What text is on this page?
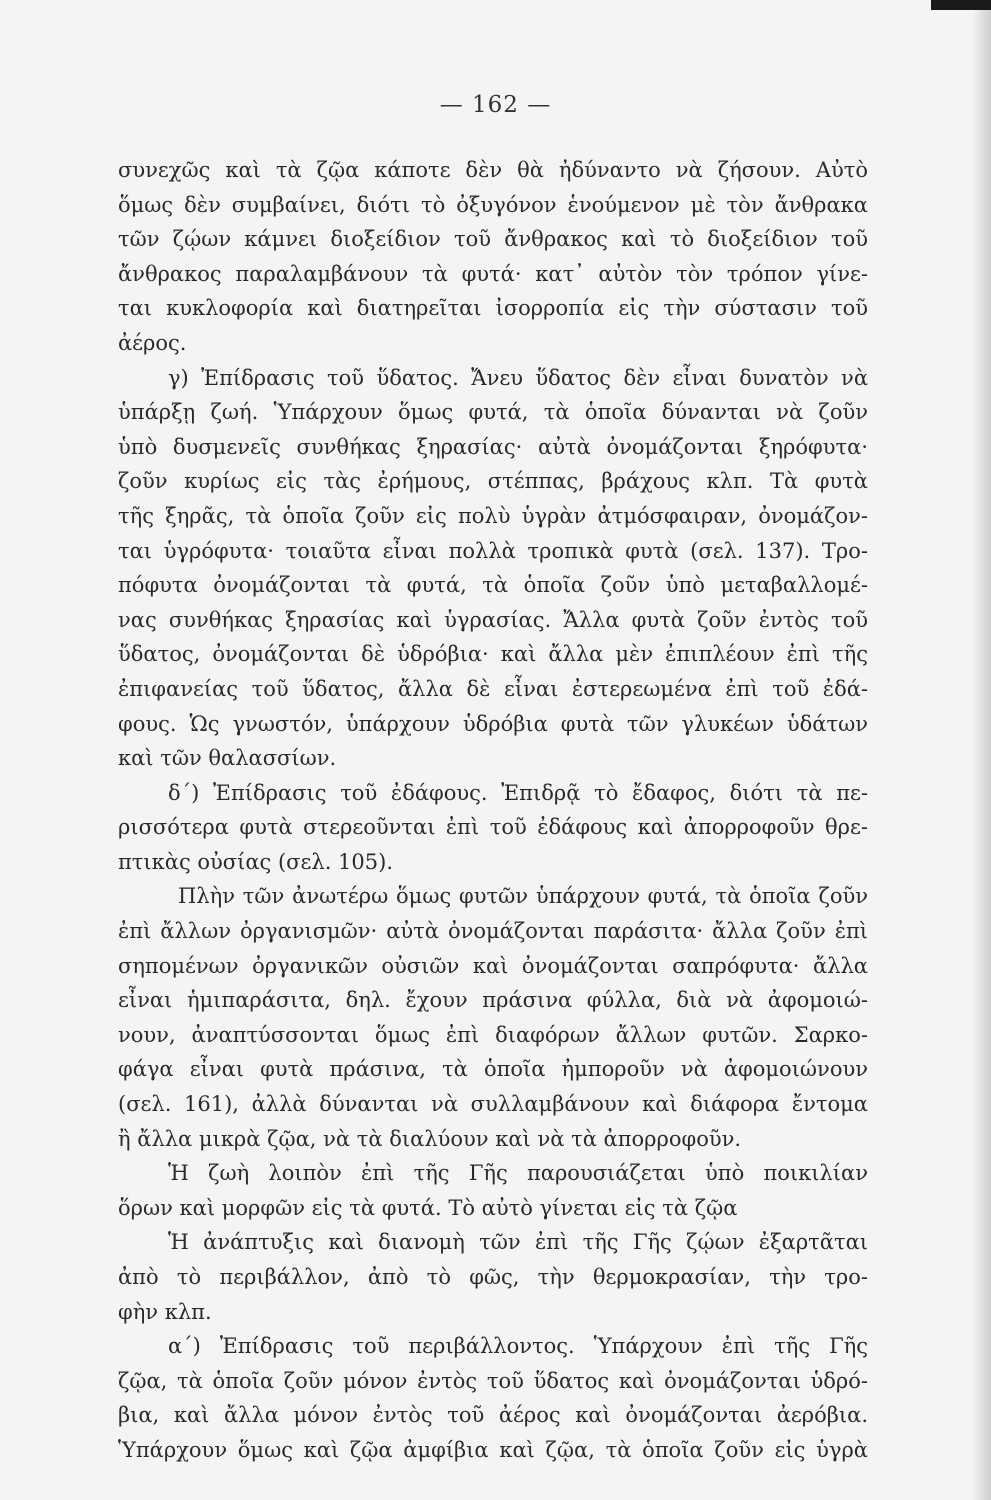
— 162 —
συνεχῶς καὶ τὰ ζῷα κάποτε δὲν θὰ ἠδύναντο νὰ ζήσουν. Αὐτὸ
ὅμως δὲν συμβαίνει, διότι τὸ ὀξυγόνον ἑνούμενον μὲ τὸν ἄνθρακα
τῶν ζῴων κάμνει διοξείδιον τοῦ ἄνθρακος καὶ τὸ διοξείδιον τοῦ
ἄνθρακος παραλαμβάνουν τὰ φυτά· κατ᾽ αὐτὸν τὸν τρόπον γίνε-
ται κυκλοφορία καὶ διατηρεῖται ἰσορροπία εἰς τὴν σύστασιν τοῦ
ἀέρος.
γ) Ἐπίδρασις τοῦ ὕδατος. Ἄνευ ὕδατος δὲν εἶναι δυνατὸν νὰ
ὑπάρξῃ ζωή. Ὑπάρχουν ὅμως φυτά, τὰ ὁποῖα δύνανται νὰ ζοῦν
ὑπὸ δυσμενεῖς συνθήκας ξηρασίας· αὐτὰ ὀνομάζονται ξηρόφυτα·
ζοῦν κυρίως εἰς τὰς ἐρήμους, στέππας, βράχους κλπ. Τὰ φυτὰ
τῆς ξηρᾶς, τὰ ὁποῖα ζοῦν εἰς πολὺ ὑγρὰν ἀτμόσφαιραν, ὀνομάζον-
ται ὑγρόφυτα· τοιαῦτα εἶναι πολλὰ τροπικὰ φυτὰ (σελ. 137). Τρο-
πόφυτα ὀνομάζονται τὰ φυτά, τὰ ὁποῖα ζοῦν ὑπὸ μεταβαλλομέ-
νας συνθήκας ξηρασίας καὶ ὑγρασίας. Ἄλλα φυτὰ ζοῦν ἐντὸς τοῦ
ὕδατος, ὀνομάζονται δὲ ὑδρόβια· καὶ ἄλλα μὲν ἐπιπλέουν ἐπὶ τῆς
ἐπιφανείας τοῦ ὕδατος, ἄλλα δὲ εἶναι ἐστερεωμένα ἐπὶ τοῦ ἐδά-
φους. Ὡς γνωστόν, ὑπάρχουν ὑδρόβια φυτὰ τῶν γλυκέων ὑδάτων
καὶ τῶν θαλασσίων.
δ΄) Ἐπίδρασις τοῦ ἐδάφους. Ἐπιδρᾷ τὸ ἔδαφος, διότι τὰ πε-
ρισσότερα φυτὰ στερεοῦνται ἐπὶ τοῦ ἐδάφους καὶ ἀπορροφοῦν θρε-
πτικὰς οὐσίας (σελ. 105).
Πλὴν τῶν ἀνωτέρω ὅμως φυτῶν ὑπάρχουν φυτά, τὰ ὁποῖα ζοῦν
ἐπὶ ἄλλων ὀργανισμῶν· αὐτὰ ὀνομάζονται παράσιτα· ἄλλα ζοῦν ἐπὶ
σηπομένων ὀργανικῶν οὐσιῶν καὶ ὀνομάζονται σαπρόφυτα· ἄλλα
εἶναι ἡμιπαράσιτα, δηλ. ἔχουν πράσινα φύλλα, διὰ νὰ ἀφομοιώ-
νουν, ἀναπτύσσονται ὅμως ἐπὶ διαφόρων ἄλλων φυτῶν. Σαρκο-
φάγα εἶναι φυτὰ πράσινα, τὰ ὁποῖα ἠμποροῦν νὰ ἀφομοιώνουν
(σελ. 161), ἀλλὰ δύνανται νὰ συλλαμβάνουν καὶ διάφορα ἔντομα
ἢ ἄλλα μικρὰ ζῷα, νὰ τὰ διαλύουν καὶ νὰ τὰ ἀπορροφοῦν.
Ἡ ζωὴ λοιπὸν ἐπὶ τῆς Γῆς παρουσιάζεται ὑπὸ ποικιλίαν
ὅρων καὶ μορφῶν εἰς τὰ φυτά. Τὸ αὐτὸ γίνεται εἰς τὰ ζῷα
Ἡ ἀνάπτυξις καὶ διανομὴ τῶν ἐπὶ τῆς Γῆς ζῴων ἐξαρτᾶται
ἀπὸ τὸ περιβάλλον, ἀπὸ τὸ φῶς, τὴν θερμοκρασίαν, τὴν τρο-
φὴν κλπ.
α΄) Ἐπίδρασις τοῦ περιβάλλοντος. Ὑπάρχουν ἐπὶ τῆς Γῆς
ζῷα, τὰ ὁποῖα ζοῦν μόνον ἐντὸς τοῦ ὕδατος καὶ ὀνομάζονται ὑδρό-
βια, καὶ ἄλλα μόνον ἐντὸς τοῦ ἀέρος καὶ ὀνομάζονται ἀερόβια.
Ὑπάρχουν ὅμως καὶ ζῷα ἀμφίβια καὶ ζῷα, τὰ ὁποῖα ζοῦν εἰς ὑγρὰ
